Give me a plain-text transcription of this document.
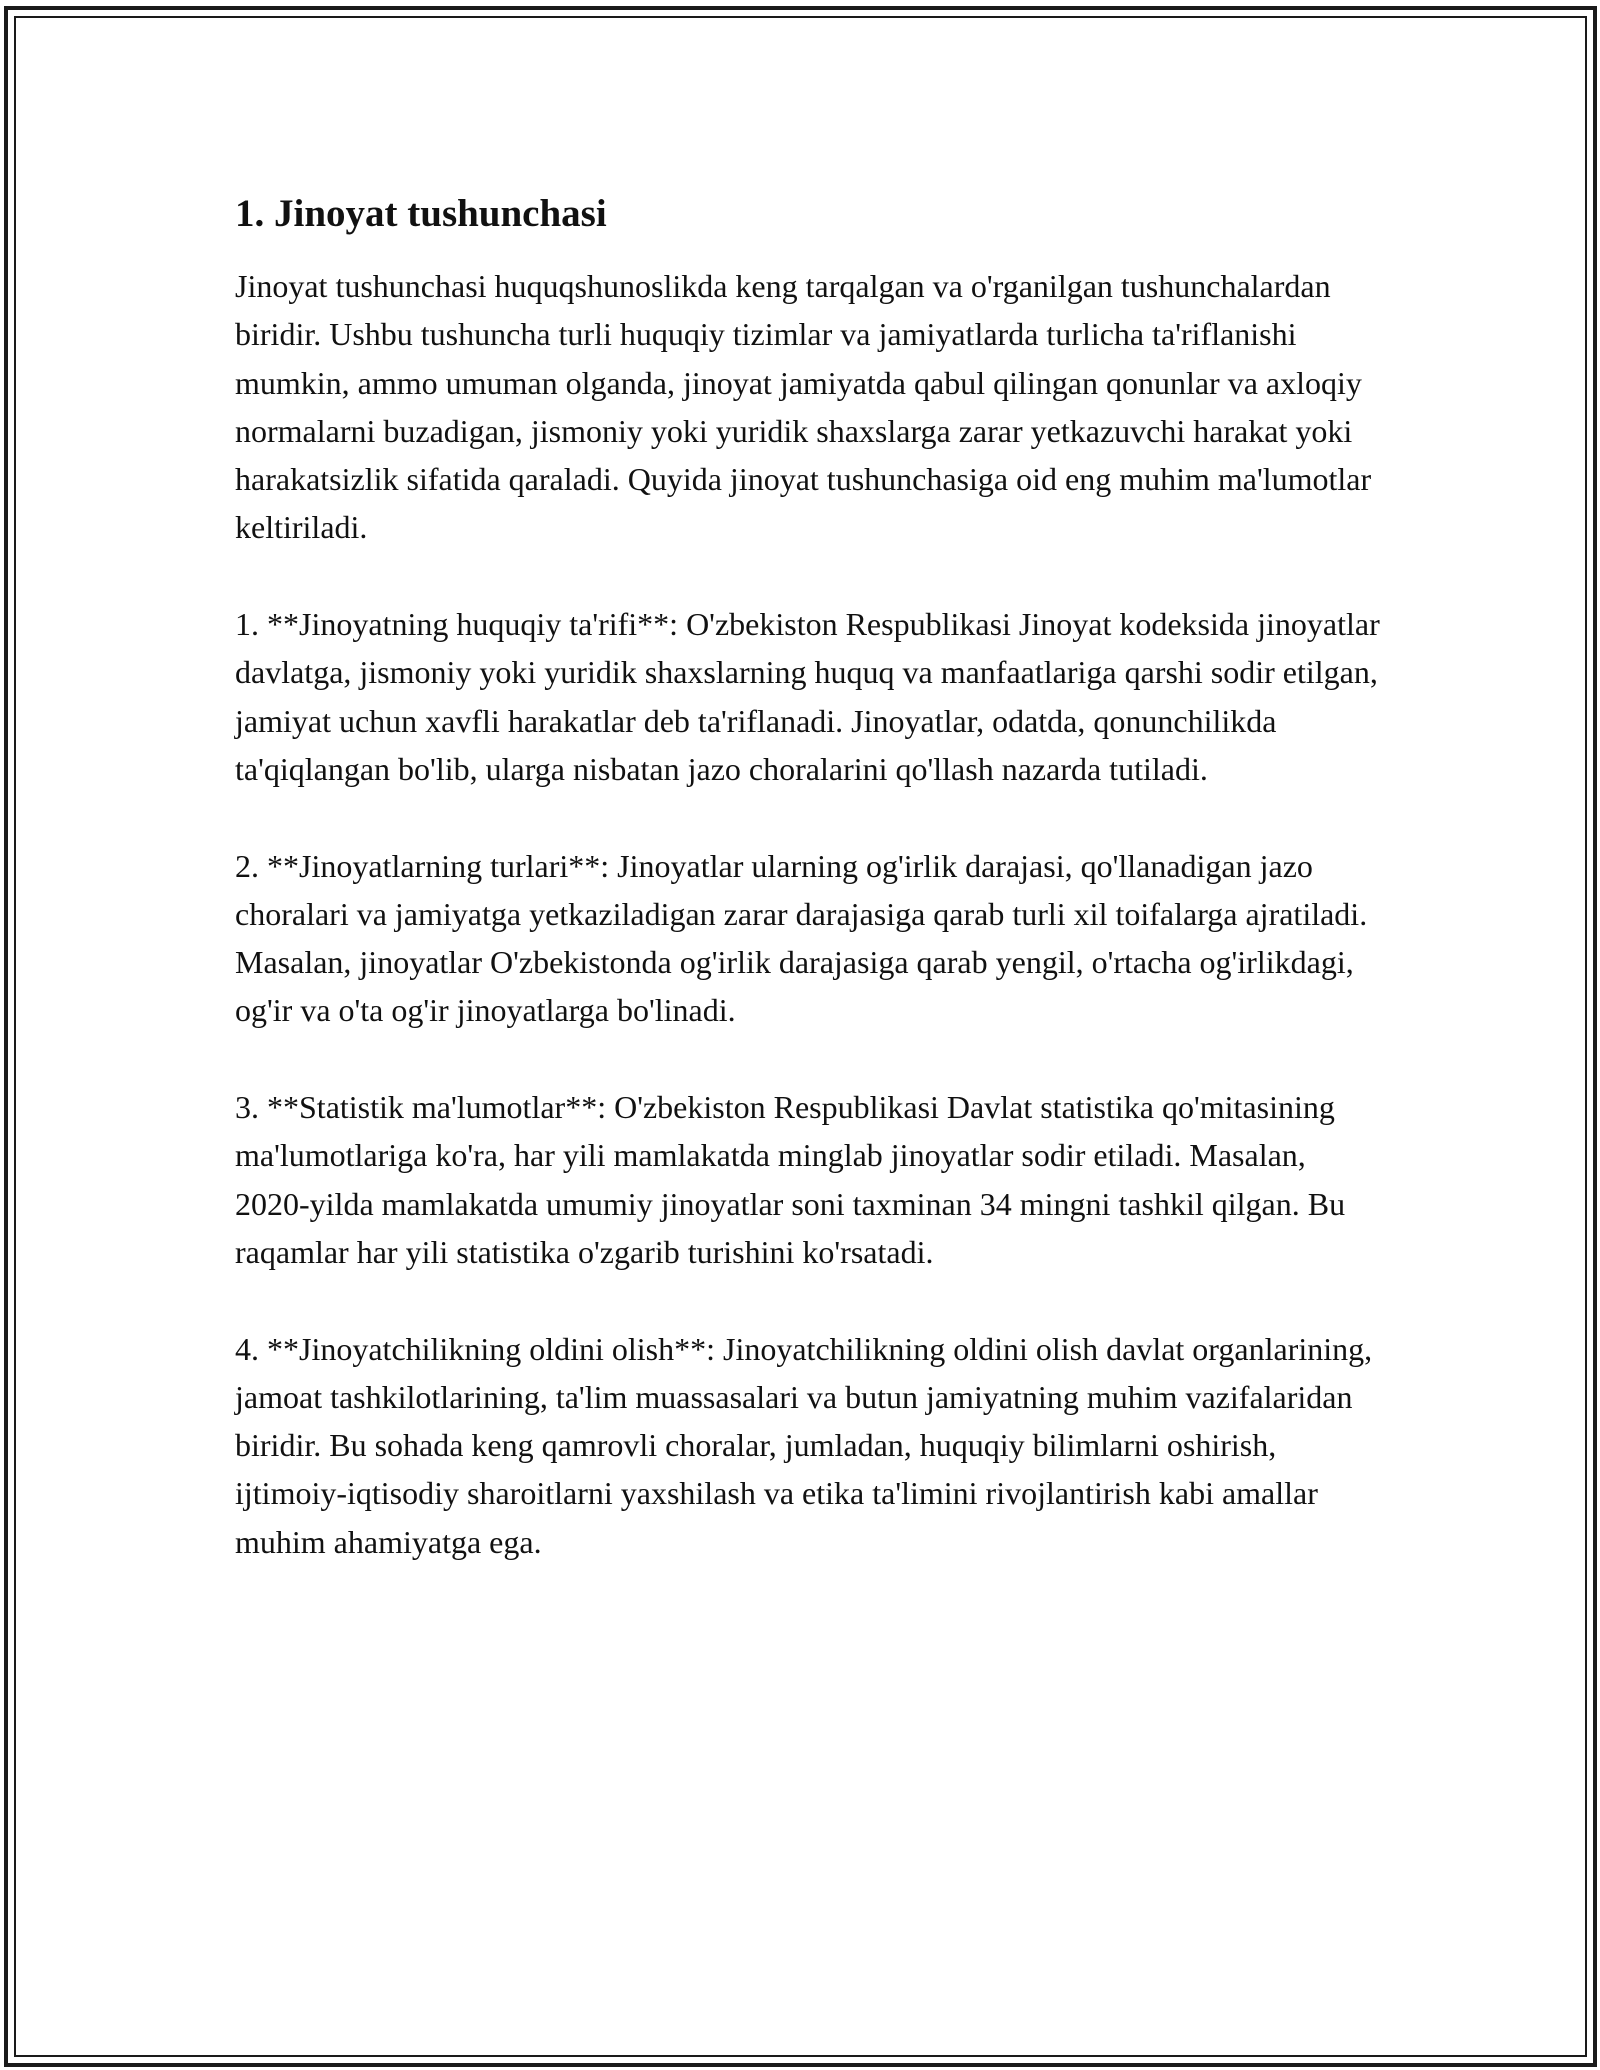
1. Jinoyat tushunchasi

Jinoyat tushunchasi huquqshunoslikda keng tarqalgan va o'rganilgan tushunchalardan biridir. Ushbu tushuncha turli huquqiy tizimlar va jamiyatlarda turlicha ta'riflanishi mumkin, ammo umuman olganda, jinoyat jamiyatda qabul qilingan qonunlar va axloqiy normalarni buzadigan, jismoniy yoki yuridik shaxslarga zarar yetkazuvchi harakat yoki harakatsizlik sifatida qaraladi. Quyida jinoyat tushunchasiga oid eng muhim ma'lumotlar keltiriladi.

1. **Jinoyatning huquqiy ta'rifi**: O'zbekiston Respublikasi Jinoyat kodeksida jinoyatlar davlatga, jismoniy yoki yuridik shaxslarning huquq va manfaatlariga qarshi sodir etilgan, jamiyat uchun xavfli harakatlar deb ta'riflanadi. Jinoyatlar, odatda, qonunchilikda ta'qiqlangan bo'lib, ularga nisbatan jazo choralarini qo'llash nazarda tutiladi.

2. **Jinoyatlarning turlari**: Jinoyatlar ularning og'irlik darajasi, qo'llanadigan jazo choralari va jamiyatga yetkaziladigan zarar darajasiga qarab turli xil toifalarga ajratiladi. Masalan, jinoyatlar O'zbekistonda og'irlik darajasiga qarab yengil, o'rtacha og'irlikdagi, og'ir va o'ta og'ir jinoyatlarga bo'linadi.

3. **Statistik ma'lumotlar**: O'zbekiston Respublikasi Davlat statistika qo'mitasining ma'lumotlariga ko'ra, har yili mamlakatda minglab jinoyatlar sodir etiladi. Masalan, 2020-yilda mamlakatda umumiy jinoyatlar soni taxminan 34 mingni tashkil qilgan. Bu raqamlar har yili statistika o'zgarib turishini ko'rsatadi.

4. **Jinoyatchilikning oldini olish**: Jinoyatchilikning oldini olish davlat organlarining, jamoat tashkilotlarining, ta'lim muassasalari va butun jamiyatning muhim vazifalaridan biridir. Bu sohada keng qamrovli choralar, jumladan, huquqiy bilimlarni oshirish, ijtimoiy-iqtisodiy sharoitlarni yaxshilash va etika ta'limini rivojlantirish kabi amallar muhim ahamiyatga ega.
